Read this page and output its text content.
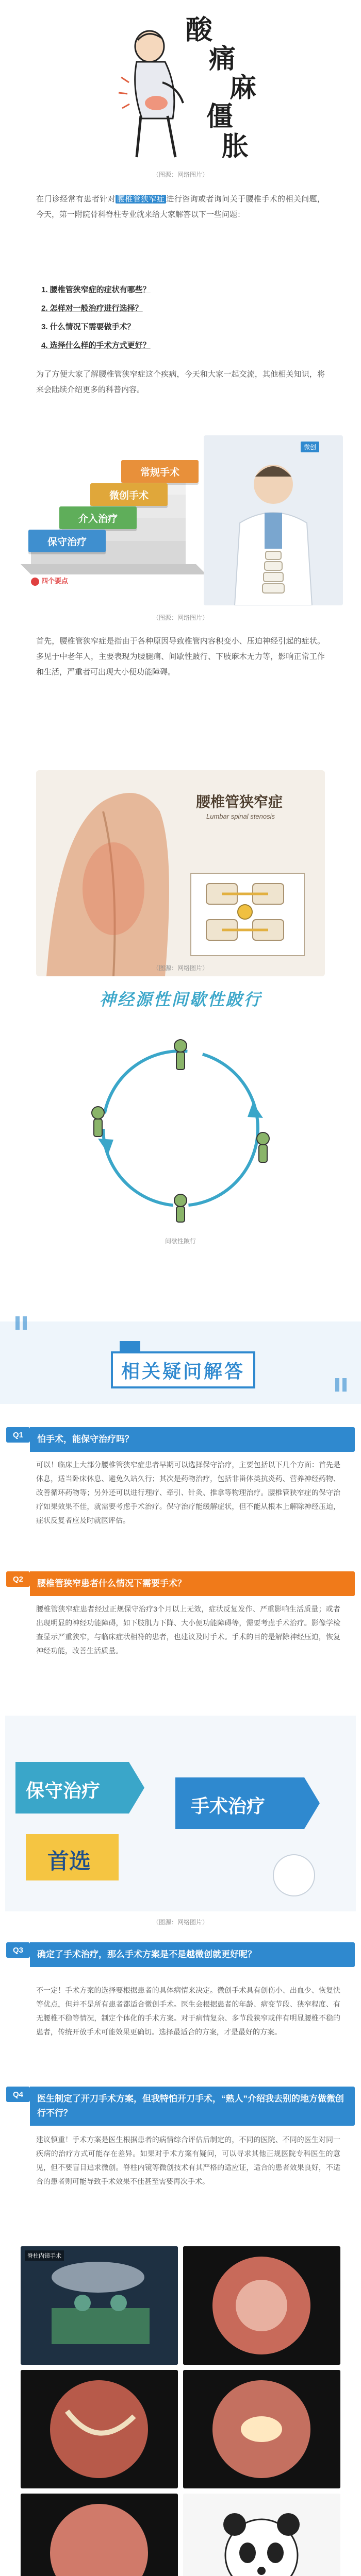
酸
痛
麻
僵
胀
（图源：网络图片）
在门诊经常有患者针对 腰椎管狭窄症 进行咨询或者询问关于腰椎手术的相关问题，今天，第一附院骨科脊柱专业就来给大家解答以下一些问题：
1. 腰椎管狭窄症的症状有哪些？
2. 怎样对一般治疗进行选择？
3. 什么情况下需要做手术？
4. 选择什么样的手术方式更好？
为了方便大家了解腰椎管狭窄症这个疾病，今天和大家一起交流，其他相关知识，将来会陆续介绍更多的科普内容。
常规手术
微创手术
介入治疗
保守治疗
四个要点
微创
（图源：网络图片）
首先，腰椎管狭窄症是指由于各种原因导致椎管内容积变小、压迫神经引起的症状。多见于中老年人，主要表现为腰腿痛、间歇性跛行、下肢麻木无力等，影响正常工作和生活，严重者可出现大小便功能障碍。
腰椎管狭窄症
Lumbar spinal stenosis
（图源：网络图片）
神经源性间歇性跛行
间歇性跛行
相关疑问解答
Q1	怕手术，能保守治疗吗？
可以！临床上大部分腰椎管狭窄症患者早期可以选择保守治疗，主要包括以下几个方面：首先是休息，适当卧床休息、避免久站久行；其次是药物治疗，包括非甾体类抗炎药、营养神经药物、改善循环药物等；另外还可以进行理疗、牵引、针灸、推拿等物理治疗。腰椎管狭窄症的保守治疗如果效果不佳，就需要考虑手术治疗。保守治疗能缓解症状，但不能从根本上解除神经压迫，症状反复者应及时就医评估。
Q2	腰椎管狭窄患者什么情况下需要手术？
腰椎管狭窄症患者经过正规保守治疗3个月以上无效，症状反复发作、严重影响生活质量；或者出现明显的神经功能障碍，如下肢肌力下降、大小便功能障碍等，需要考虑手术治疗。影像学检查显示严重狭窄，与临床症状相符的患者，也建议及时手术。手术的目的是解除神经压迫，恢复神经功能，改善生活质量。
保守治疗
手术治疗
首选
（图源：网络图片）
Q3	确定了手术治疗，那么手术方案是不是越微创就更好呢？
不一定！手术方案的选择要根据患者的具体病情来决定。微创手术具有创伤小、出血少、恢复快等优点，但并不是所有患者都适合微创手术。医生会根据患者的年龄、病变节段、狭窄程度、有无腰椎不稳等情况，制定个体化的手术方案。对于病情复杂、多节段狭窄或伴有明显腰椎不稳的患者，传统开放手术可能效果更确切。选择最适合的方案，才是最好的方案。
Q4	医生制定了开刀手术方案，但我特怕开刀手术，“熟人”介绍我去别的地方做微创行不行？
建议慎重！手术方案是医生根据患者的病情综合评估后制定的，不同的医院、不同的医生对同一疾病的治疗方式可能存在差异。如果对手术方案有疑问，可以寻求其他正规医院专科医生的意见，但不要盲目追求微创。脊柱内镜等微创技术有其严格的适应证，适合的患者效果良好，不适合的患者则可能导致手术效果不佳甚至需要再次手术。
脊柱内镜手术
